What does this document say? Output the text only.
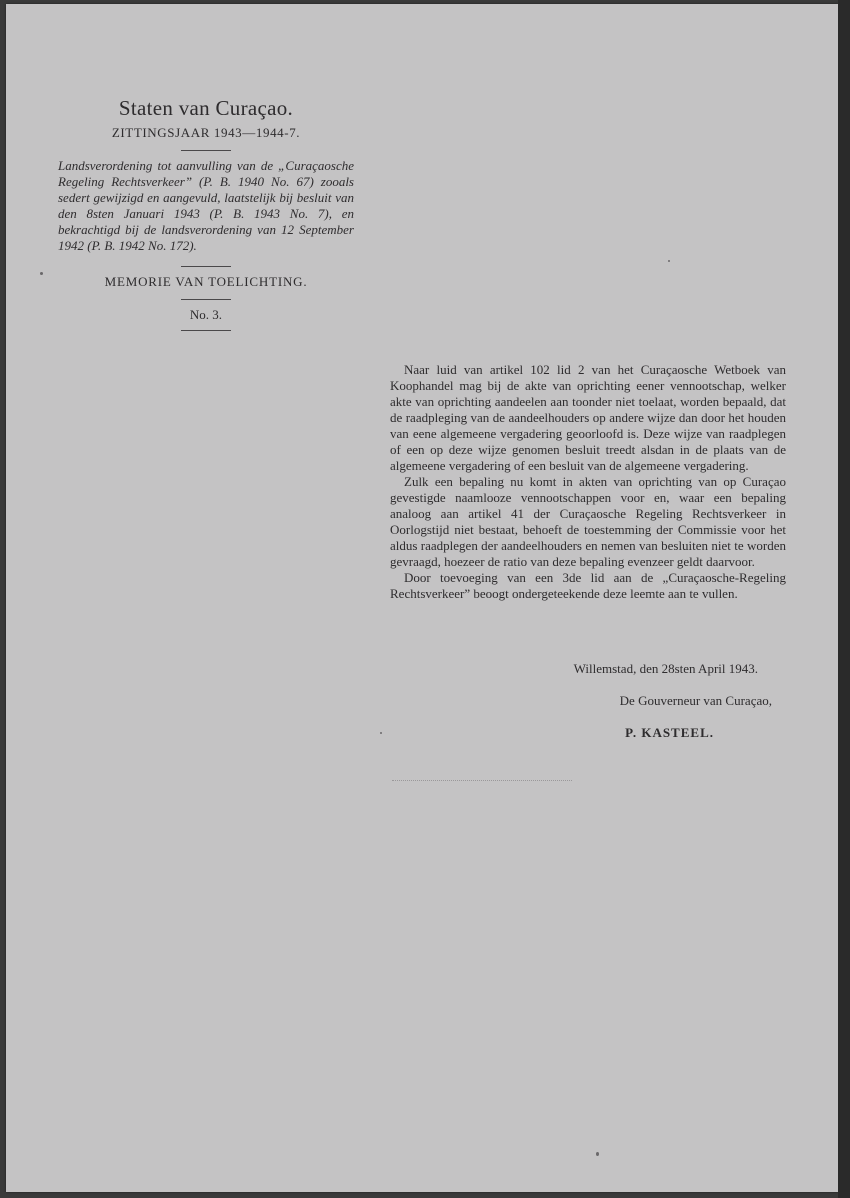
Staten van Curaçao.

ZITTINGSJAAR 1943—1944-7.

Landsverordening tot aanvulling van de „Curaçaosche Regeling Rechtsverkeer” (P. B. 1940 No. 67) zooals sedert gewijzigd en aangevuld, laatstelijk bij besluit van den 8sten Januari 1943 (P. B. 1943 No. 7), en bekrachtigd bij de landsverordening van 12 September 1942 (P. B. 1942 No. 172).

MEMORIE VAN TOELICHTING.

No. 3.

Naar luid van artikel 102 lid 2 van het Curaçaosche Wetboek van Koophandel mag bij de akte van oprichting eener vennootschap, welker akte van oprichting aandeelen aan toonder niet toelaat, worden bepaald, dat de raadpleging van de aandeelhouders op andere wijze dan door het houden van eene algemeene vergadering geoorloofd is. Deze wijze van raadplegen of een op deze wijze genomen besluit treedt alsdan in de plaats van de algemeene vergadering of een besluit van de algemeene vergadering.

Zulk een bepaling nu komt in akten van oprichting van op Curaçao gevestigde naamlooze vennootschappen voor en, waar een bepaling analoog aan artikel 41 der Curaçaosche Regeling Rechtsverkeer in Oorlogstijd niet bestaat, behoeft de toestemming der Commissie voor het aldus raadplegen der aandeelhouders en nemen van besluiten niet te worden gevraagd, hoezeer de ratio van deze bepaling evenzeer geldt daarvoor.

Door toevoeging van een 3de lid aan de „Curaçaosche-Regeling Rechtsverkeer” beoogt ondergeteekende deze leemte aan te vullen.

Willemstad, den 28sten April 1943.
De Gouverneur van Curaçao,
P. KASTEEL.
